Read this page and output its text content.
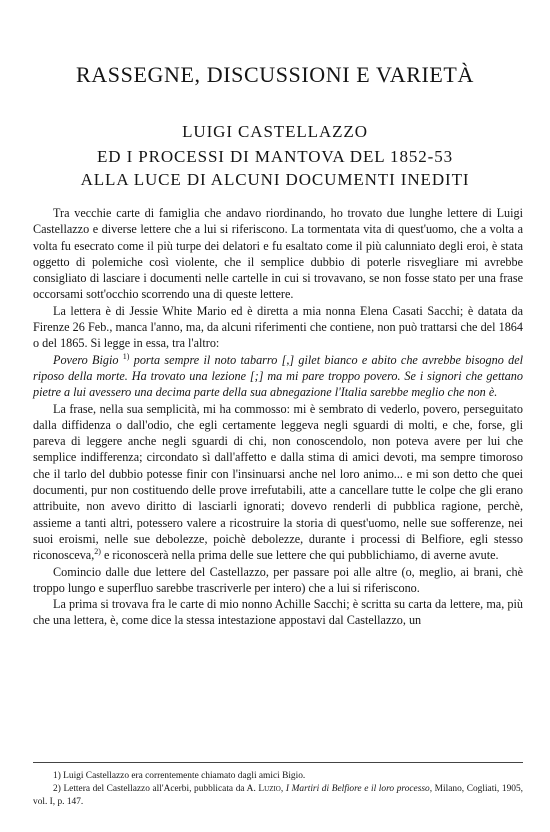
RASSEGNE, DISCUSSIONI E VARIETÀ
LUIGI CASTELLAZZO
ED I PROCESSI DI MANTOVA DEL 1852-53
ALLA LUCE DI ALCUNI DOCUMENTI INEDITI

Tra vecchie carte di famiglia che andavo riordinando, ho trovato due lunghe lettere di Luigi Castellazzo e diverse lettere che a lui si riferiscono. La tormentata vita di quest'uomo, che a volta a volta fu esecrato come il più turpe dei delatori e fu esaltato come il più calunniato degli eroi, è stata oggetto di polemiche così violente, che il semplice dubbio di poterle risvegliare mi avrebbe consigliato di lasciare i documenti nelle cartelle in cui si trovavano, se non fosse stato per una frase occorsami sott'occhio scorrendo una di queste lettere.

La lettera è di Jessie White Mario ed è diretta a mia nonna Elena Casati Sacchi; è datata da Firenze 26 Feb., manca l'anno, ma, da alcuni riferimenti che contiene, non può trattarsi che del 1864 o del 1865. Si legge in essa, tra l'altro:

Povero Bigio $^{1)}$ porta sempre il noto tabarro [,] gilet bianco e abito che avrebbe bisogno del riposo della morte. Ha trovato una lezione [;] ma mi pare troppo povero. Se i signori che gettano pietre a lui avessero una decima parte della sua abnegazione l'Italia sarebbe meglio che non è.

La frase, nella sua semplicità, mi ha commosso: mi è sembrato di vederlo, povero, perseguitato dalla diffidenza o dall'odio, che egli certamente leggeva negli sguardi di molti, e che, forse, gli pareva di leggere anche negli sguardi di chi, non conoscendolo, non poteva avere per lui che semplice indifferenza; circondato sì dall'affetto e dalla stima di amici devoti, ma sempre timoroso che il tarlo del dubbio potesse finir con l'insinuarsi anche nel loro animo... e mi son detto che quei documenti, pur non costituendo delle prove irrefutabili, atte a cancellare tutte le colpe che gli erano attribuite, non avevo diritto di lasciarli ignorati; dovevo renderli di pubblica ragione, perchè, assieme a tanti altri, potessero valere a ricostruire la storia di quest'uomo, nelle sue sofferenze, nei suoi eroismi, nelle sue debolezze, poichè debolezze, durante i processi di Belfiore, egli stesso riconosceva,$^{2)}$ e riconoscerà nella prima delle sue lettere che qui pubblichiamo, di averne avute.

Comincio dalle due lettere del Castellazzo, per passare poi alle altre (o, meglio, ai brani, chè troppo lungo e superfluo sarebbe trascriverle per intero) che a lui si riferiscono.

La prima si trovava fra le carte di mio nonno Achille Sacchi; è scritta su carta da lettere, ma, più che una lettera, è, come dice la stessa intestazione appostavi dal Castellazzo, un

1) Luigi Castellazzo era correntemente chiamato dagli amici Bigio.

2) Lettera del Castellazzo all'Acerbi, pubblicata da A. Luzio, I Martiri di Belfiore e il loro processo, Milano, Cogliati, 1905, vol. I, p. 147.
